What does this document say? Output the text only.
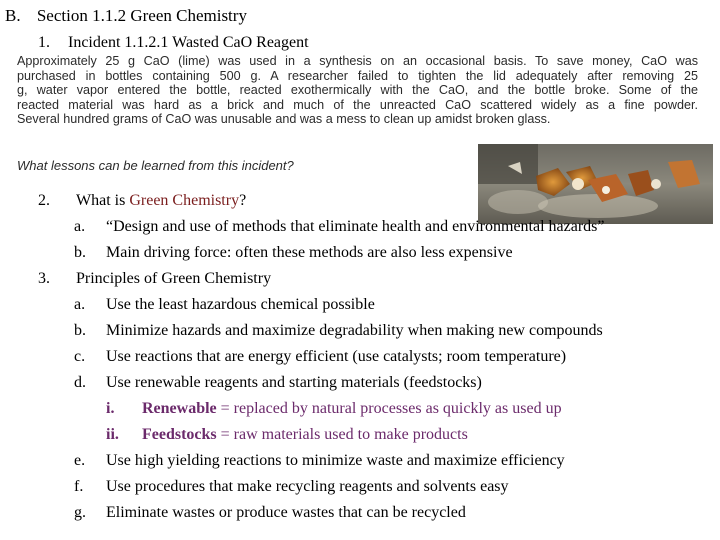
B. Section 1.1.2 Green Chemistry
1. Incident 1.1.2.1 Wasted CaO Reagent
Approximately 25 g CaO (lime) was used in a synthesis on an occasional basis. To save money, CaO was
purchased in bottles containing 500 g. A researcher failed to tighten the lid adequately after removing 25
g, water vapor entered the bottle, reacted exothermically with the CaO, and the bottle broke. Some of the
reacted material was hard as a brick and much of the unreacted CaO scattered widely as a fine powder.
Several hundred grams of CaO was unusable and was a mess to clean up amidst broken glass.
What lessons can be learned from this incident?
2. What is Green Chemistry?
a. “Design and use of methods that eliminate health and environmental hazards”
b. Main driving force: often these methods are also less expensive
3. Principles of Green Chemistry
a. Use the least hazardous chemical possible
b. Minimize hazards and maximize degradability when making new compounds
c. Use reactions that are energy efficient (use catalysts; room temperature)
d. Use renewable reagents and starting materials (feedstocks)
i. Renewable = replaced by natural processes as quickly as used up
ii. Feedstocks = raw materials used to make products
e. Use high yielding reactions to minimize waste and maximize efficiency
f. Use procedures that make recycling reagents and solvents easy
g. Eliminate wastes or produce wastes that can be recycled
